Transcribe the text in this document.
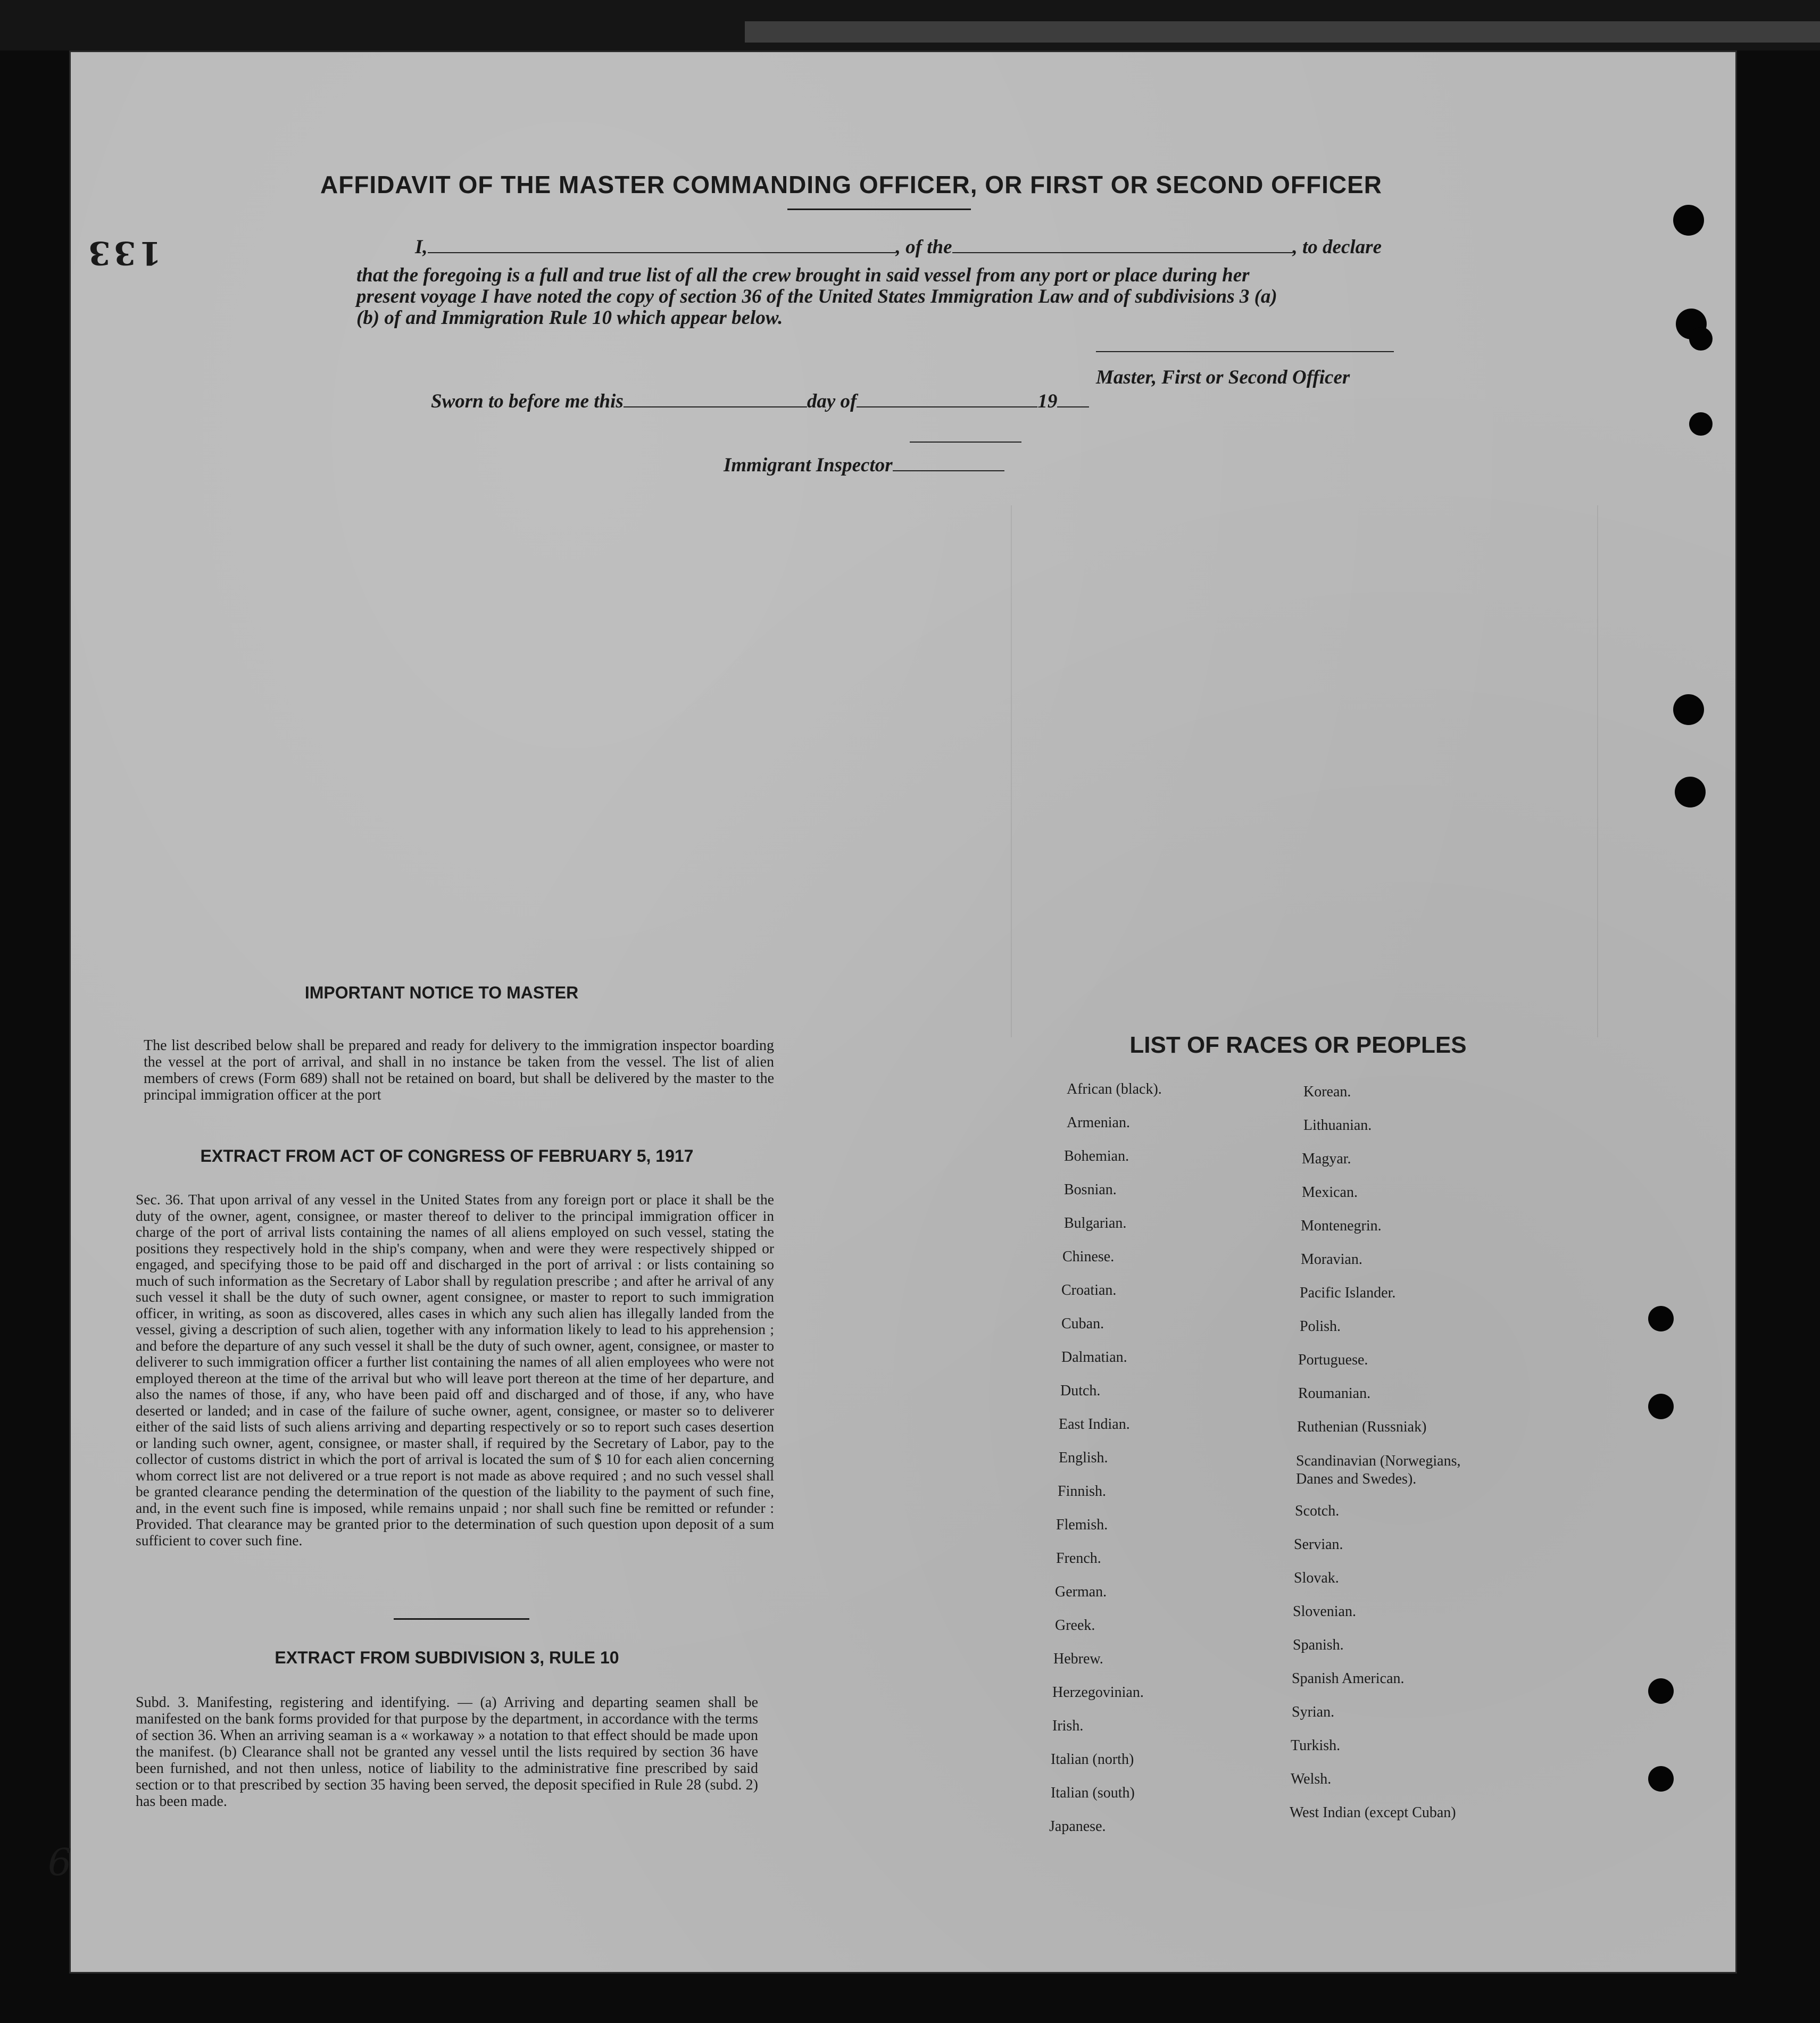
133
6
AFFIDAVIT OF THE MASTER COMMANDING OFFICER, OR FIRST OR SECOND OFFICER
I,	, of the	, to declare
that the foregoing is a full and true list of all the crew brought in said vessel from any port or place during her
present voyage I have noted the copy of section 36 of the United States Immigration Law and of subdivisions 3 (a)
(b) of and Immigration Rule 10 which appear below.
Master, First or Second Officer
Sworn to before me this	day of	19
Immigrant Inspector
IMPORTANT NOTICE TO MASTER
The list described below shall be prepared and ready for delivery to the immigration inspector boarding the vessel at the port of arrival, and shall in no instance be taken from the vessel. The list of alien members of crews (Form 689) shall not be retained on board, but shall be delivered by the master to the principal immigration officer at the port
EXTRACT FROM ACT OF CONGRESS OF FEBRUARY 5, 1917
Sec. 36. That upon arrival of any vessel in the United States from any foreign port or place it shall be the duty of the owner, agent, consignee, or master thereof to deliver to the principal immigration officer in charge of the port of arrival lists containing the names of all aliens employed on such vessel, stating the positions they respectively hold in the ship's company, when and were they were respectively shipped or engaged, and specifying those to be paid off and discharged in the port of arrival : or lists containing so much of such information as the Secretary of Labor shall by regulation prescribe ; and after he arrival of any such vessel it shall be the duty of such owner, agent consignee, or master to report to such immigration officer, in writing, as soon as discovered, alles cases in which any such alien has illegally landed from the vessel, giving a description of such alien, together with any information likely to lead to his apprehension ; and before the departure of any such vessel it shall be the duty of such owner, agent, consignee, or master to deliverer to such immigration officer a further list containing the names of all alien employees who were not employed thereon at the time of the arrival but who will leave port thereon at the time of her departure, and also the names of those, if any, who have been paid off and discharged and of those, if any, who have deserted or landed; and in case of the failure of suche owner, agent, consignee, or master so to deliverer either of the said lists of such aliens arriving and departing respectively or so to report such cases desertion or landing such owner, agent, consignee, or master shall, if required by the Secretary of Labor, pay to the collector of customs district in which the port of arrival is located the sum of $ 10 for each alien concerning whom correct list are not delivered or a true report is not made as above required ; and no such vessel shall be granted clearance pending the determination of the question of the liability to the payment of such fine, and, in the event such fine is imposed, while remains unpaid ; nor shall such fine be remitted or refunder : Provided. That clearance may be granted prior to the determination of such question upon deposit of a sum sufficient to cover such fine.
EXTRACT FROM SUBDIVISION 3, RULE 10
Subd. 3. Manifesting, registering and identifying. — (a) Arriving and departing seamen shall be manifested on the bank forms provided for that purpose by the department, in accordance with the terms of section 36. When an arriving seaman is a « workaway » a notation to that effect should be made upon the manifest. (b) Clearance shall not be granted any vessel until the lists required by section 36 have been furnished, and not then unless, notice of liability to the administrative fine prescribed by said section or to that prescribed by section 35 having been served, the deposit specified in Rule 28 (subd. 2) has been made.
LIST OF RACES OR PEOPLES
African (black).
Armenian.
Bohemian.
Bosnian.
Bulgarian.
Chinese.
Croatian.
Cuban.
Dalmatian.
Dutch.
East Indian.
English.
Finnish.
Flemish.
French.
German.
Greek.
Hebrew.
Herzegovinian.
Irish.
Italian (north)
Italian (south)
Japanese.
Korean.
Lithuanian.
Magyar.
Mexican.
Montenegrin.
Moravian.
Pacific Islander.
Polish.
Portuguese.
Roumanian.
Ruthenian (Russniak)
Scandinavian (Norwegians, Danes and Swedes).
Scotch.
Servian.
Slovak.
Slovenian.
Spanish.
Spanish American.
Syrian.
Turkish.
Welsh.
West Indian (except Cuban)
